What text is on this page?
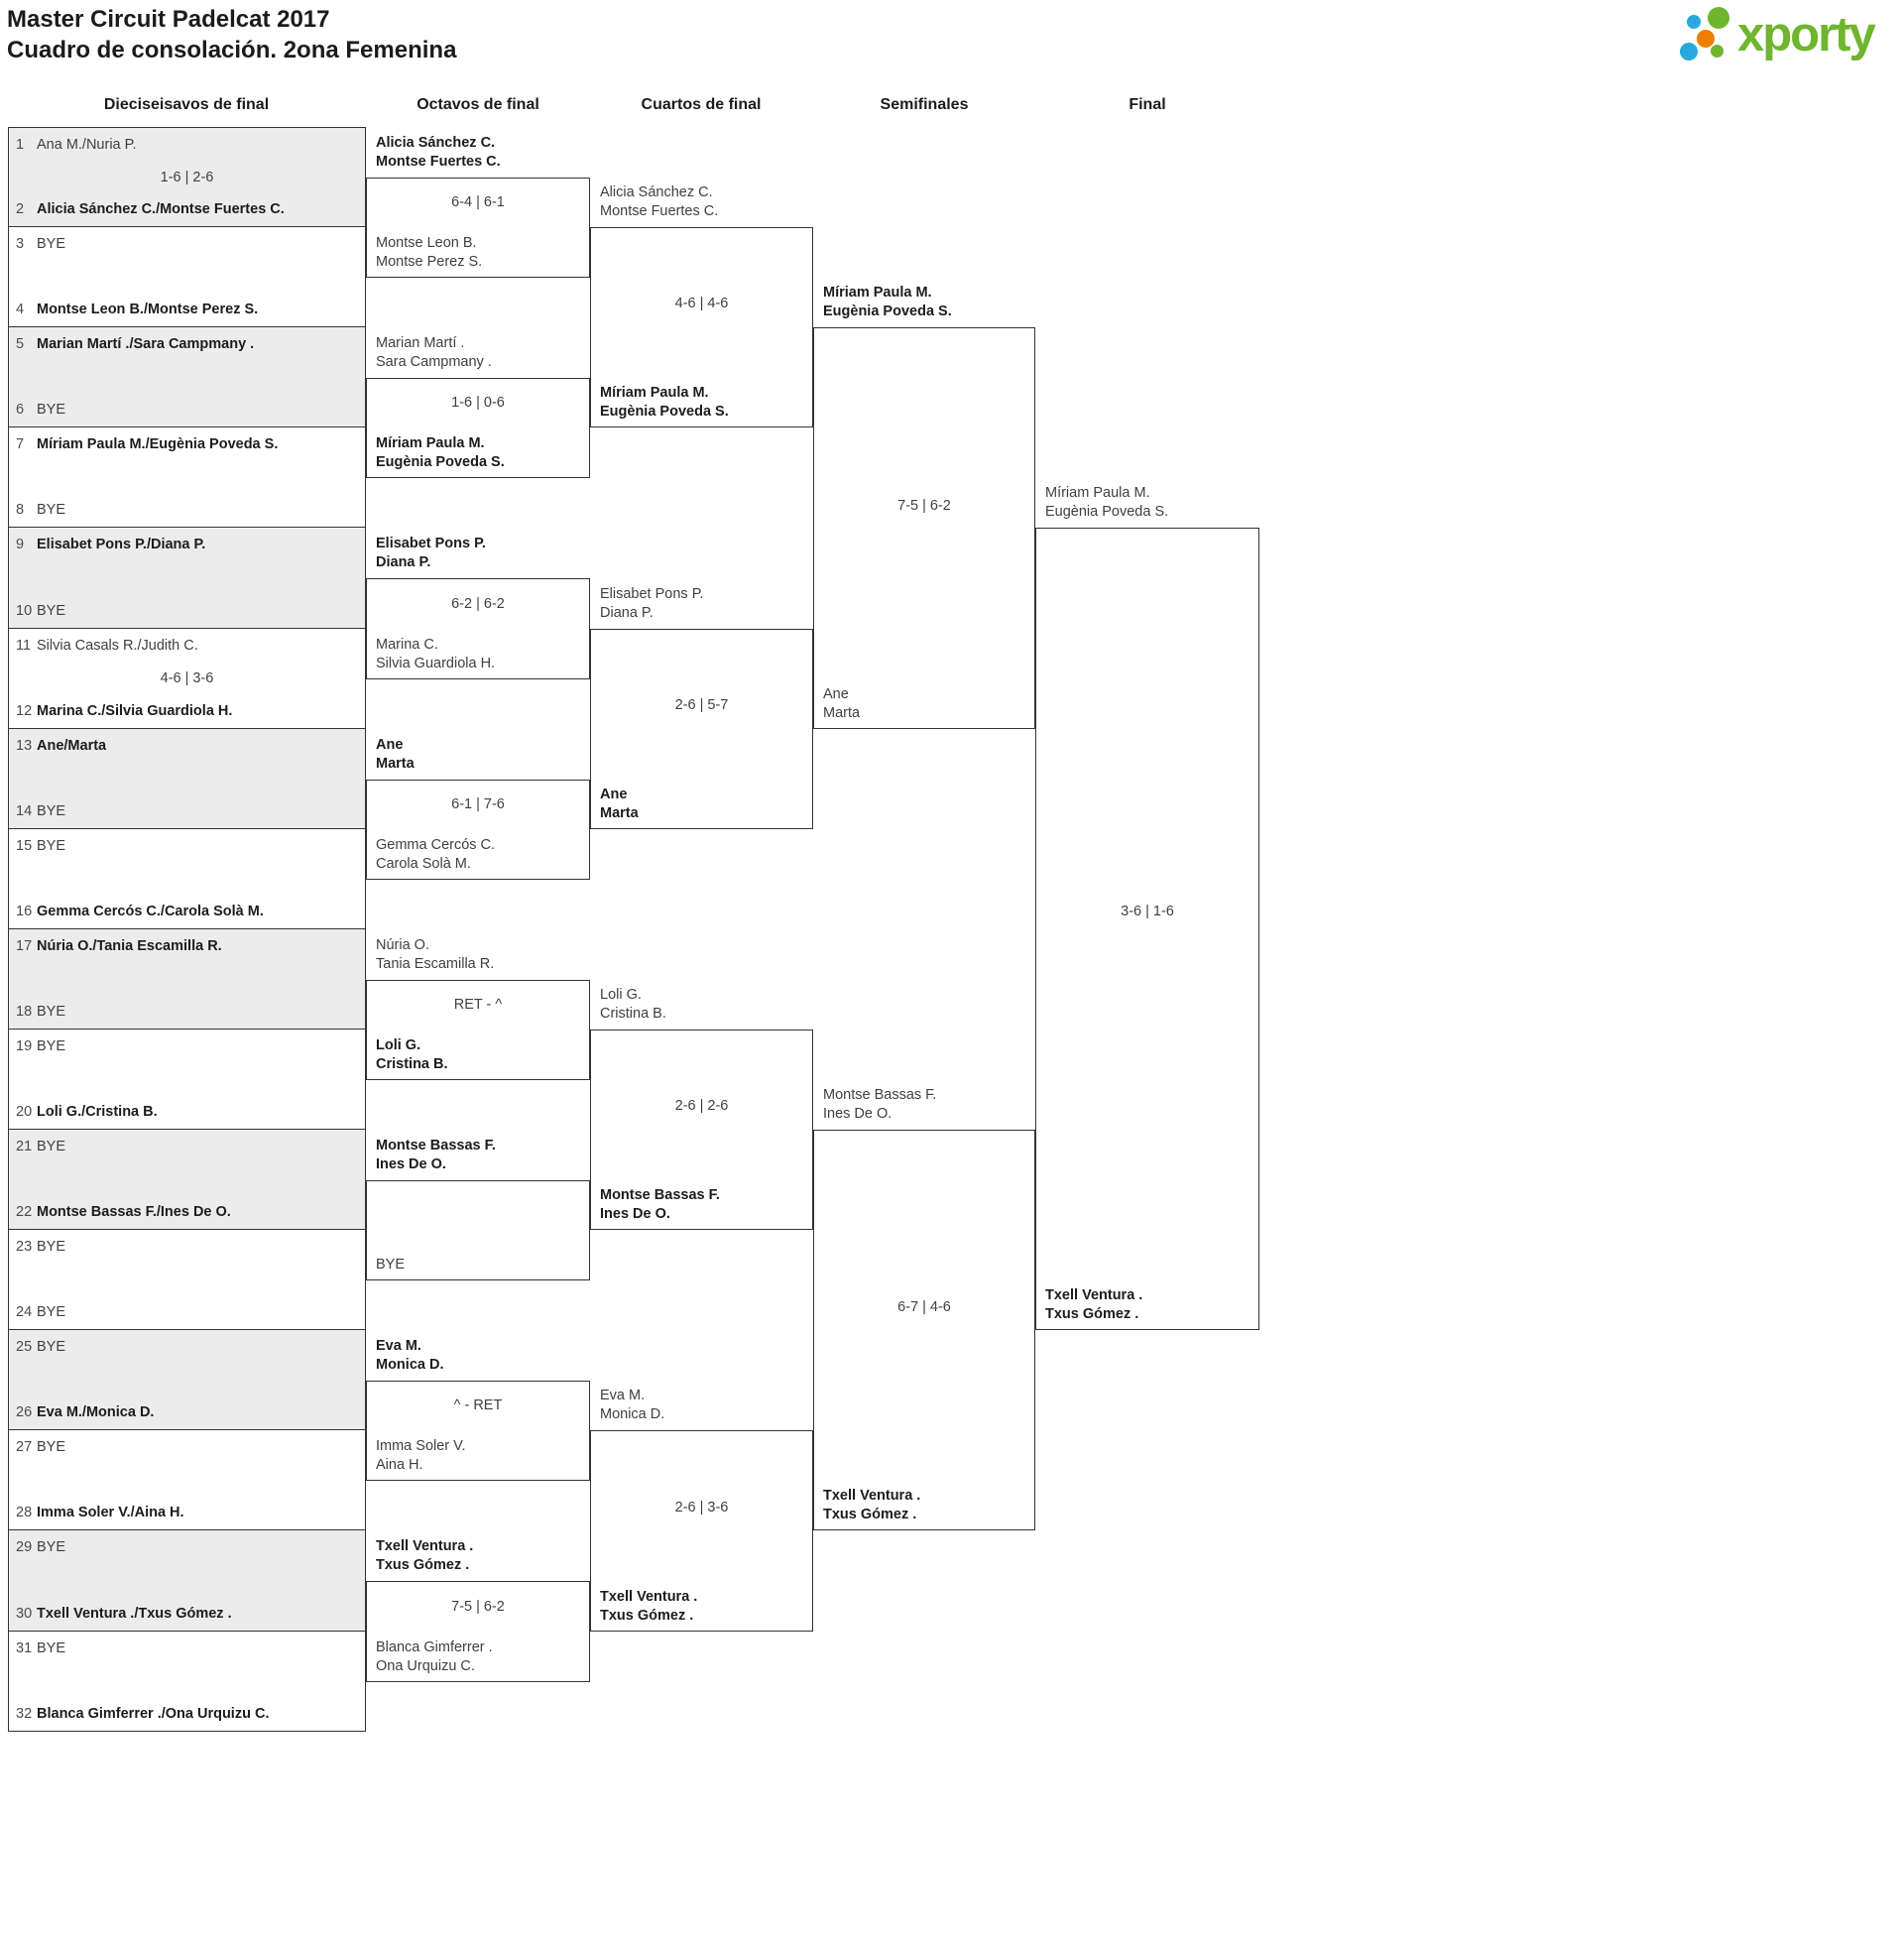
Master Circuit Padelcat 2017
Cuadro de consolación. 2ona Femenina	xporty
Dieciseisavos de final	Octavos de final	Cuartos de final	Semifinales	Final
1 Ana M./Nuria P.
2 Alicia Sánchez C./Montse Fuertes C.
1-6 | 2-6
3 BYE
4 Montse Leon B./Montse Perez S.
5 Marian Martí ./Sara Campmany .
6 BYE
7 Míriam Paula M./Eugènia Poveda S.
8 BYE
9 Elisabet Pons P./Diana P.
10 BYE
11 Silvia Casals R./Judith C.
12 Marina C./Silvia Guardiola H.
4-6 | 3-6
13 Ane/Marta
14 BYE
15 BYE
16 Gemma Cercós C./Carola Solà M.
17 Núria O./Tania Escamilla R.
18 BYE
19 BYE
20 Loli G./Cristina B.
21 BYE
22 Montse Bassas F./Ines De O.
23 BYE
24 BYE
25 BYE
26 Eva M./Monica D.
27 BYE
28 Imma Soler V./Aina H.
29 BYE
30 Txell Ventura ./Txus Gómez .
31 BYE
32 Blanca Gimferrer ./Ona Urquizu C.
Alicia Sánchez C.
Montse Fuertes C.
Montse Leon B.
Montse Perez S.
6-4 | 6-1
Marian Martí .
Sara Campmany .
Míriam Paula M.
Eugènia Poveda S.
1-6 | 0-6
Elisabet Pons P.
Diana P.
Marina C.
Silvia Guardiola H.
6-2 | 6-2
Ane
Marta
Gemma Cercós C.
Carola Solà M.
6-1 | 7-6
Núria O.
Tania Escamilla R.
Loli G.
Cristina B.
RET - ^
Montse Bassas F.
Ines De O.
BYE
Eva M.
Monica D.
Imma Soler V.
Aina H.
^ - RET
Txell Ventura .
Txus Gómez .
Blanca Gimferrer .
Ona Urquizu C.
7-5 | 6-2
Alicia Sánchez C.
Montse Fuertes C.
Míriam Paula M.
Eugènia Poveda S.
4-6 | 4-6
Elisabet Pons P.
Diana P.
Ane
Marta
2-6 | 5-7
Loli G.
Cristina B.
Montse Bassas F.
Ines De O.
2-6 | 2-6
Eva M.
Monica D.
Txell Ventura .
Txus Gómez .
2-6 | 3-6
Míriam Paula M.
Eugènia Poveda S.
Ane
Marta
7-5 | 6-2
Montse Bassas F.
Ines De O.
Txell Ventura .
Txus Gómez .
6-7 | 4-6
Míriam Paula M.
Eugènia Poveda S.
Txell Ventura .
Txus Gómez .
3-6 | 1-6
